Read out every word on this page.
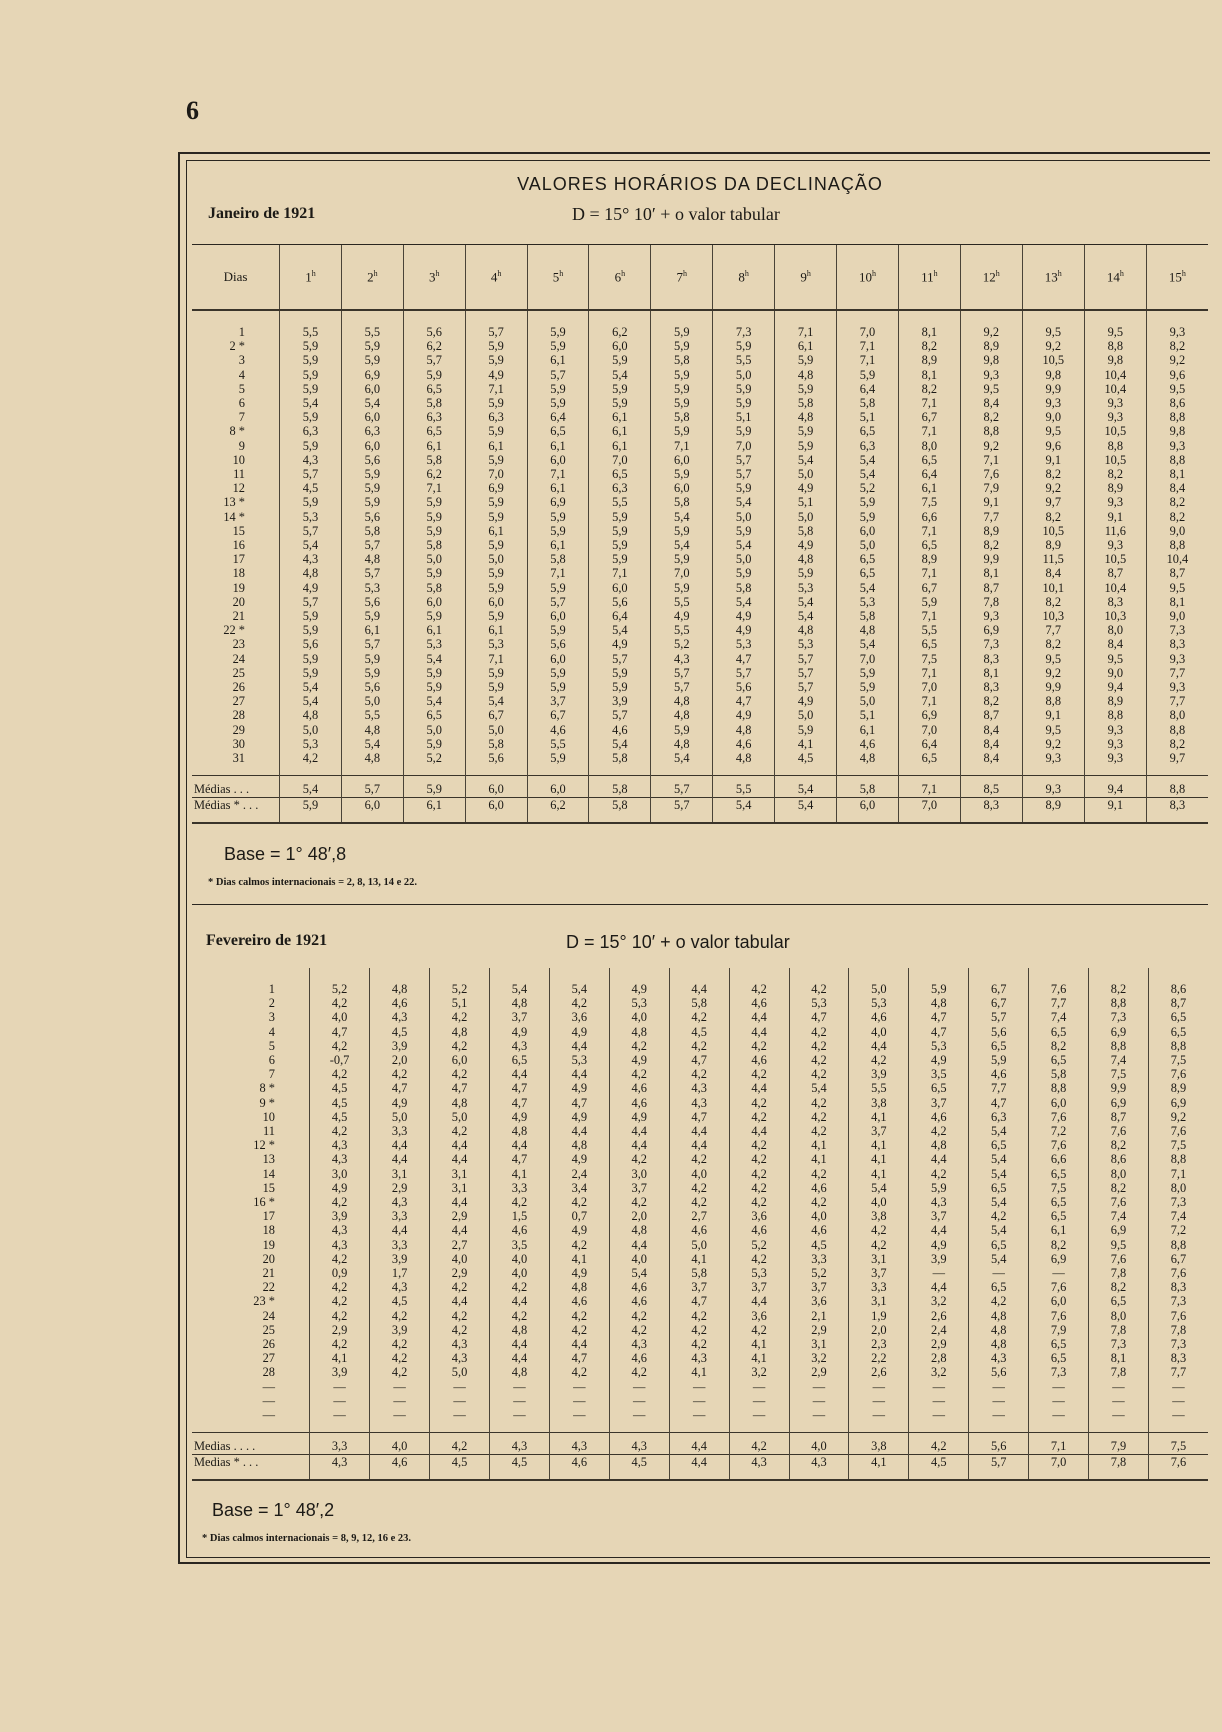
6
VALORES HORÁRIOS DA DECLINAÇÃO
Janeiro de 1921	D = 15° 10′ + o valor tabular
Dias	1$^h$	2$^h$	3$^h$	4$^h$	5$^h$	6$^h$	7$^h$	8$^h$	9$^h$	10$^h$	11$^h$	12$^h$	13$^h$	14$^h$	15$^h$
1	5,5	5,5	5,6	5,7	5,9	6,2	5,9	7,3	7,1	7,0	8,1	9,2	9,5	9,5	9,3
2 *	5,9	5,9	6,2	5,9	5,9	6,0	5,9	5,9	6,1	7,1	8,2	8,9	9,2	8,8	8,2
3	5,9	5,9	5,7	5,9	6,1	5,9	5,8	5,5	5,9	7,1	8,9	9,8	10,5	9,8	9,2
4	5,9	6,9	5,9	4,9	5,7	5,4	5,9	5,0	4,8	5,9	8,1	9,3	9,8	10,4	9,6
5	5,9	6,0	6,5	7,1	5,9	5,9	5,9	5,9	5,9	6,4	8,2	9,5	9,9	10,4	9,5
6	5,4	5,4	5,8	5,9	5,9	5,9	5,9	5,9	5,8	5,8	7,1	8,4	9,3	9,3	8,6
7	5,9	6,0	6,3	6,3	6,4	6,1	5,8	5,1	4,8	5,1	6,7	8,2	9,0	9,3	8,8
8 *	6,3	6,3	6,5	5,9	6,5	6,1	5,9	5,9	5,9	6,5	7,1	8,8	9,5	10,5	9,8
9	5,9	6,0	6,1	6,1	6,1	6,1	7,1	7,0	5,9	6,3	8,0	9,2	9,6	8,8	9,3
10	4,3	5,6	5,8	5,9	6,0	7,0	6,0	5,7	5,4	5,4	6,5	7,1	9,1	10,5	8,8
11	5,7	5,9	6,2	7,0	7,1	6,5	5,9	5,7	5,0	5,4	6,4	7,6	8,2	8,2	8,1
12	4,5	5,9	7,1	6,9	6,1	6,3	6,0	5,9	4,9	5,2	6,1	7,9	9,2	8,9	8,4
13 *	5,9	5,9	5,9	5,9	6,9	5,5	5,8	5,4	5,1	5,9	7,5	9,1	9,7	9,3	8,2
14 *	5,3	5,6	5,9	5,9	5,9	5,9	5,4	5,0	5,0	5,9	6,6	7,7	8,2	9,1	8,2
15	5,7	5,8	5,9	6,1	5,9	5,9	5,9	5,9	5,8	6,0	7,1	8,9	10,5	11,6	9,0
16	5,4	5,7	5,8	5,9	6,1	5,9	5,4	5,4	4,9	5,0	6,5	8,2	8,9	9,3	8,8
17	4,3	4,8	5,0	5,0	5,8	5,9	5,9	5,0	4,8	6,5	8,9	9,9	11,5	10,5	10,4
18	4,8	5,7	5,9	5,9	7,1	7,1	7,0	5,9	5,9	6,5	7,1	8,1	8,4	8,7	8,7
19	4,9	5,3	5,8	5,9	5,9	6,0	5,9	5,8	5,3	5,4	6,7	8,7	10,1	10,4	9,5
20	5,7	5,6	6,0	6,0	5,7	5,6	5,5	5,4	5,4	5,3	5,9	7,8	8,2	8,3	8,1
21	5,9	5,9	5,9	5,9	6,0	6,4	4,9	4,9	5,4	5,8	7,1	9,3	10,3	10,3	9,0
22 *	5,9	6,1	6,1	6,1	5,9	5,4	5,5	4,9	4,8	4,8	5,5	6,9	7,7	8,0	7,3
23	5,6	5,7	5,3	5,3	5,6	4,9	5,2	5,3	5,3	5,4	6,5	7,3	8,2	8,4	8,3
24	5,9	5,9	5,4	7,1	6,0	5,7	4,3	4,7	5,7	7,0	7,5	8,3	9,5	9,5	9,3
25	5,9	5,9	5,9	5,9	5,9	5,9	5,7	5,7	5,7	5,9	7,1	8,1	9,2	9,0	7,7
26	5,4	5,6	5,9	5,9	5,9	5,9	5,7	5,6	5,7	5,9	7,0	8,3	9,9	9,4	9,3
27	5,4	5,0	5,4	5,4	3,7	3,9	4,8	4,7	4,9	5,0	7,1	8,2	8,8	8,9	7,7
28	4,8	5,5	6,5	6,7	6,7	5,7	4,8	4,9	5,0	5,1	6,9	8,7	9,1	8,8	8,0
29	5,0	4,8	5,0	5,0	4,6	4,6	5,9	4,8	5,9	6,1	7,0	8,4	9,5	9,3	8,8
30	5,3	5,4	5,9	5,8	5,5	5,4	4,8	4,6	4,1	4,6	6,4	8,4	9,2	9,3	8,2
31	4,2	4,8	5,2	5,6	5,9	5,8	5,4	4,8	4,5	4,8	6,5	8,4	9,3	9,3	9,7
Médias . . .	5,4	5,7	5,9	6,0	6,0	5,8	5,7	5,5	5,4	5,8	7,1	8,5	9,3	9,4	8,8
Médias * . . .	5,9	6,0	6,1	6,0	6,2	5,8	5,7	5,4	5,4	6,0	7,0	8,3	8,9	9,1	8,3
Base = 1° 48′,8
* Dias calmos internacionais = 2, 8, 13, 14 e 22.
Fevereiro de 1921	D = 15° 10′ + o valor tabular
1	5,2	4,8	5,2	5,4	5,4	4,9	4,4	4,2	4,2	5,0	5,9	6,7	7,6	8,2	8,6
2	4,2	4,6	5,1	4,8	4,2	5,3	5,8	4,6	5,3	5,3	4,8	6,7	7,7	8,8	8,7
3	4,0	4,3	4,2	3,7	3,6	4,0	4,2	4,4	4,7	4,6	4,7	5,7	7,4	7,3	6,5
4	4,7	4,5	4,8	4,9	4,9	4,8	4,5	4,4	4,2	4,0	4,7	5,6	6,5	6,9	6,5
5	4,2	3,9	4,2	4,3	4,4	4,2	4,2	4,2	4,2	4,4	5,3	6,5	8,2	8,8	8,8
6	-0,7	2,0	6,0	6,5	5,3	4,9	4,7	4,6	4,2	4,2	4,9	5,9	6,5	7,4	7,5
7	4,2	4,2	4,2	4,4	4,4	4,2	4,2	4,2	4,2	3,9	3,5	4,6	5,8	7,5	7,6
8 *	4,5	4,7	4,7	4,7	4,9	4,6	4,3	4,4	5,4	5,5	6,5	7,7	8,8	9,9	8,9
9 *	4,5	4,9	4,8	4,7	4,7	4,6	4,3	4,2	4,2	3,8	3,7	4,7	6,0	6,9	6,9
10	4,5	5,0	5,0	4,9	4,9	4,9	4,7	4,2	4,2	4,1	4,6	6,3	7,6	8,7	9,2
11	4,2	3,3	4,2	4,8	4,4	4,4	4,4	4,4	4,2	3,7	4,2	5,4	7,2	7,6	7,6
12 *	4,3	4,4	4,4	4,4	4,8	4,4	4,4	4,2	4,1	4,1	4,8	6,5	7,6	8,2	7,5
13	4,3	4,4	4,4	4,7	4,9	4,2	4,2	4,2	4,1	4,1	4,4	5,4	6,6	8,6	8,8
14	3,0	3,1	3,1	4,1	2,4	3,0	4,0	4,2	4,2	4,1	4,2	5,4	6,5	8,0	7,1
15	4,9	2,9	3,1	3,3	3,4	3,7	4,2	4,2	4,6	5,4	5,9	6,5	7,5	8,2	8,0
16 *	4,2	4,3	4,4	4,2	4,2	4,2	4,2	4,2	4,2	4,0	4,3	5,4	6,5	7,6	7,3
17	3,9	3,3	2,9	1,5	0,7	2,0	2,7	3,6	4,0	3,8	3,7	4,2	6,5	7,4	7,4
18	4,3	4,4	4,4	4,6	4,9	4,8	4,6	4,6	4,6	4,2	4,4	5,4	6,1	6,9	7,2
19	4,3	3,3	2,7	3,5	4,2	4,4	5,0	5,2	4,5	4,2	4,9	6,5	8,2	9,5	8,8
20	4,2	3,9	4,0	4,0	4,1	4,0	4,1	4,2	3,3	3,1	3,9	5,4	6,9	7,6	6,7
21	0,9	1,7	2,9	4,0	4,9	5,4	5,8	5,3	5,2	3,7	—	—	—	7,8	7,6
22	4,2	4,3	4,2	4,2	4,8	4,6	3,7	3,7	3,7	3,3	4,4	6,5	7,6	8,2	8,3
23 *	4,2	4,5	4,4	4,4	4,6	4,6	4,7	4,4	3,6	3,1	3,2	4,2	6,0	6,5	7,3
24	4,2	4,2	4,2	4,2	4,2	4,2	4,2	3,6	2,1	1,9	2,6	4,8	7,6	8,0	7,6
25	2,9	3,9	4,2	4,8	4,2	4,2	4,2	4,2	2,9	2,0	2,4	4,8	7,9	7,8	7,8
26	4,2	4,2	4,3	4,4	4,4	4,3	4,2	4,1	3,1	2,3	2,9	4,8	6,5	7,3	7,3
27	4,1	4,2	4,3	4,4	4,7	4,6	4,3	4,1	3,2	2,2	2,8	4,3	6,5	8,1	8,3
28	3,9	4,2	5,0	4,8	4,2	4,2	4,1	3,2	2,9	2,6	3,2	5,6	7,3	7,8	7,7
—	—	—	—	—	—	—	—	—	—	—	—	—	—	—	—
—	—	—	—	—	—	—	—	—	—	—	—	—	—	—	—
—	—	—	—	—	—	—	—	—	—	—	—	—	—	—	—
Medias . . . .	3,3	4,0	4,2	4,3	4,3	4,3	4,4	4,2	4,0	3,8	4,2	5,6	7,1	7,9	7,5
Medias * . . .	4,3	4,6	4,5	4,5	4,6	4,5	4,4	4,3	4,3	4,1	4,5	5,7	7,0	7,8	7,6
Base = 1° 48′,2
* Dias calmos internacionais = 8, 9, 12, 16 e 23.
